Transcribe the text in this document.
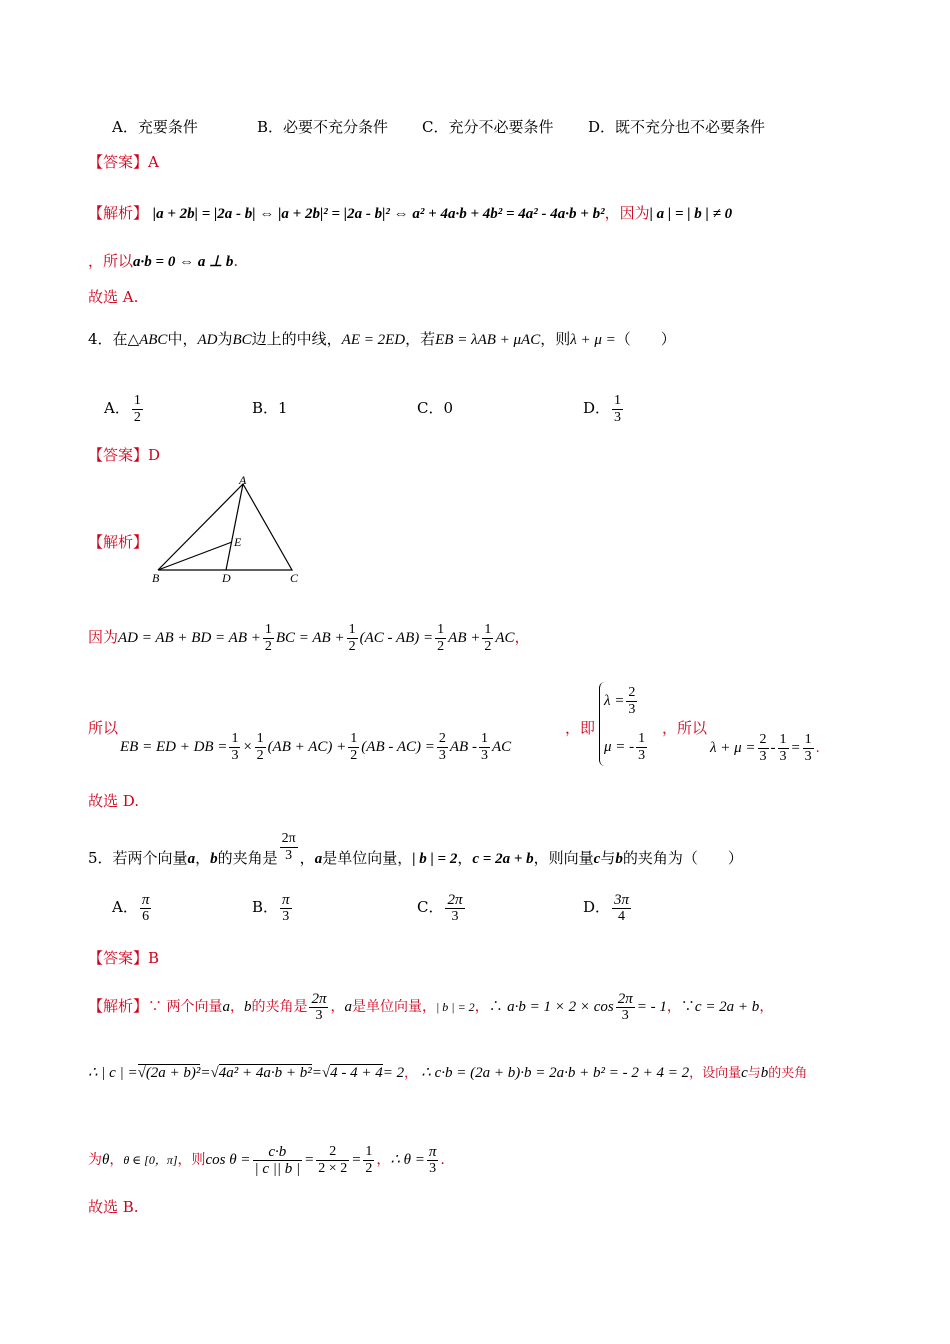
A．充要条件	B．必要不充分条件	C．充分不必要条件	D．既不充分也不必要条件
【答案】A
【解析】 |a + 2b| = |2a - b| ⇔ |a + 2b|² = |2a - b|² ⇔ a² + 4a·b + 4b² = 4a² - 4a·b + b²，因为| a | = | b | ≠ 0
，所以a·b = 0 ⇔ a ⊥ b.
故选 A.
4．在△ABC中，AD为BC边上的中线，AE = 2ED，若EB = λAB + μAC，则λ + μ =（　　）
A． $\frac{1}{2}$	B．1	C．0	D． $\frac{1}{3}$
【答案】D
【解析】
A
B	C
D
E
因为AD = AB + BD = AB + $\frac{1}{2}$ BC = AB + $\frac{1}{2} (AC - AB) = \frac{1}{2}$ AB + $\frac{1}{2}$ AC，
所以
EB = ED + DB = $\frac{1}{3} \times \frac{1}{2} (AB + AC) + \frac{1}{2} (AB - AC) = \frac{2}{3}$ AB - $\frac{1}{3}$ AC
，即
$\lambda = \frac{2}{3}$
μ = - $\frac{1}{3}$
，所以
$\lambda + \mu = \frac{2}{3} - \frac{1}{3} = \frac{1}{3}$ .
故选 D.
5．若两个向量a，b的夹角是 $\frac{2\pi}{3}$ ，a是单位向量，| b | = 2，c = 2a + b，则向量c与b的夹角为（　　）
A． $\frac{\pi}{6}$	B． $\frac{\pi}{3}$	C． $\frac{2\pi}{3}$	D． $\frac{3\pi}{4}$
【答案】B
【解析】∵ 两个向量a，b的夹角是 $\frac{2\pi}{3}$ ，a是单位向量，| b | = 2，∴ $a\cdot b = 1 \times 2 \times \cos \frac{2\pi}{3}$ = - 1，∵c = 2a + b，
∴ | c | =√(2a + b)²=√4a² + 4a·b + b²=√4 - 4 + 4= 2， ∴ c·b = (2a + b)·b = 2a·b + b² = - 2 + 4 = 2，设向量c与b的夹角
为θ，θ ∈ [0，π]，则$\cos \theta = \frac{c\cdot b}{| c || b |} = \frac{2}{2 \times 2} = \frac{1}{2}$ ，∴ $\theta = \frac{\pi}{3}$ .
故选 B.
